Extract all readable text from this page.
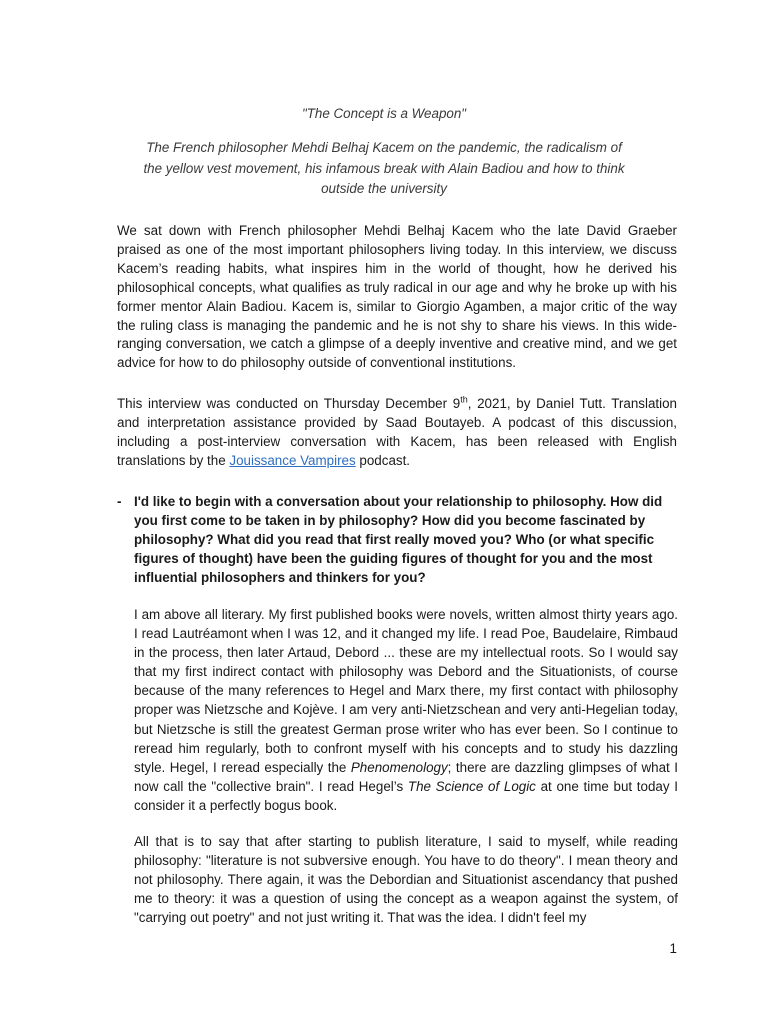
"The Concept is a Weapon"

The French philosopher Mehdi Belhaj Kacem on the pandemic, the radicalism of the yellow vest movement, his infamous break with Alain Badiou and how to think outside the university

We sat down with French philosopher Mehdi Belhaj Kacem who the late David Graeber praised as one of the most important philosophers living today. In this interview, we discuss Kacem’s reading habits, what inspires him in the world of thought, how he derived his philosophical concepts, what qualifies as truly radical in our age and why he broke up with his former mentor Alain Badiou. Kacem is, similar to Giorgio Agamben, a major critic of the way the ruling class is managing the pandemic and he is not shy to share his views. In this wide-ranging conversation, we catch a glimpse of a deeply inventive and creative mind, and we get advice for how to do philosophy outside of conventional institutions.

This interview was conducted on Thursday December 9th, 2021, by Daniel Tutt. Translation and interpretation assistance provided by Saad Boutayeb. A podcast of this discussion, including a post-interview conversation with Kacem, has been released with English translations by the Jouissance Vampires podcast.

- I'd like to begin with a conversation about your relationship to philosophy. How did you first come to be taken in by philosophy? How did you become fascinated by philosophy? What did you read that first really moved you? Who (or what specific figures of thought) have been the guiding figures of thought for you and the most influential philosophers and thinkers for you?

I am above all literary. My first published books were novels, written almost thirty years ago. I read Lautréamont when I was 12, and it changed my life. I read Poe, Baudelaire, Rimbaud in the process, then later Artaud, Debord ... these are my intellectual roots. So I would say that my first indirect contact with philosophy was Debord and the Situationists, of course because of the many references to Hegel and Marx there, my first contact with philosophy proper was Nietzsche and Kojève. I am very anti-Nietzschean and very anti-Hegelian today, but Nietzsche is still the greatest German prose writer who has ever been. So I continue to reread him regularly, both to confront myself with his concepts and to study his dazzling style. Hegel, I reread especially the Phenomenology; there are dazzling glimpses of what I now call the "collective brain". I read Hegel’s The Science of Logic at one time but today I consider it a perfectly bogus book.

All that is to say that after starting to publish literature, I said to myself, while reading philosophy: "literature is not subversive enough. You have to do theory". I mean theory and not philosophy. There again, it was the Debordian and Situationist ascendancy that pushed me to theory: it was a question of using the concept as a weapon against the system, of "carrying out poetry" and not just writing it. That was the idea. I didn't feel my

1
